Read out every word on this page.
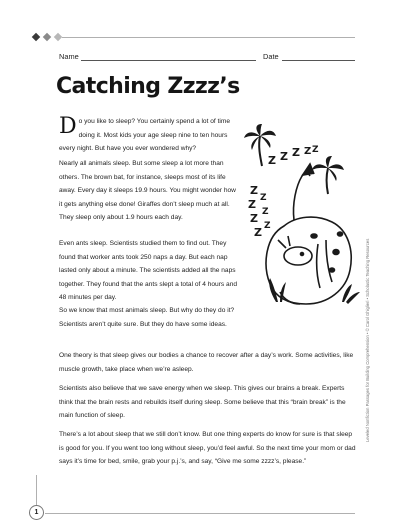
Name	Date
Catching Zzzz’s

D o you like to sleep? You certainly spend a lot of time doing it. Most kids your age sleep nine to ten hours every night. But have you ever wondered why?

Nearly all animals sleep. But some sleep a lot more than others. The brown bat, for instance, sleeps most of its life away. Every day it sleeps 19.9 hours. You might wonder how it gets anything else done! Giraffes don’t sleep much at all. They sleep only about 1.9 hours each day.

Even ants sleep. Scientists studied them to find out. They found that worker ants took 250 naps a day. But each nap lasted only about a minute. The scientists added all the naps together. They found that the ants slept a total of 4 hours and 48 minutes per day.

So we know that most animals sleep. But why do they do it? Scientists aren’t quite sure. But they do have some ideas.

One theory is that sleep gives our bodies a chance to recover after a day’s work. Some activities, like muscle growth, take place when we’re asleep.

Scientists also believe that we save energy when we sleep. This gives our brains a break. Experts think that the brain rests and rebuilds itself during sleep. Some believe that this “brain break” is the main function of sleep.

There’s a lot about sleep that we still don’t know. But one thing experts do know for sure is that sleep is good for you. If you went too long without sleep, you’d feel awful. So the next time your mom or dad says it’s time for bed, smile, grab your p.j.’s, and say, “Give me some zzzz’s, please.”

Z Z Z Z
Z
Z
Z
Z
Z
Z
Z
Z
Leveled Nonfiction Passages for Building Comprehension • © Carol Ghiglieri • Scholastic Teaching Resources
1
